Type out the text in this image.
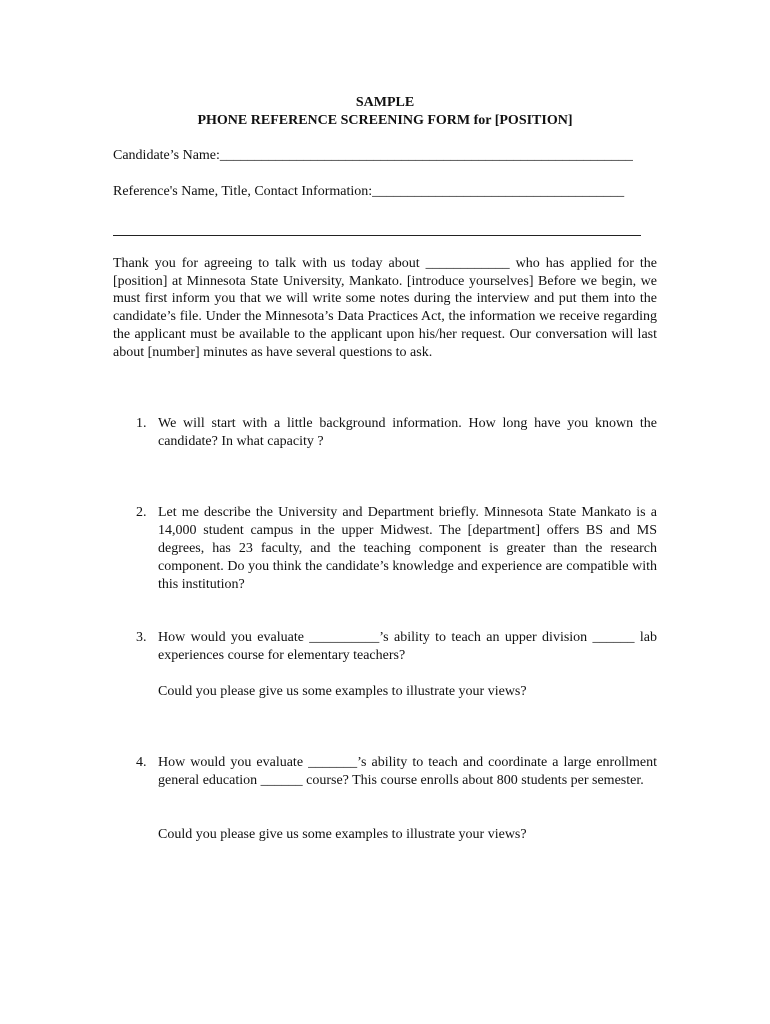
SAMPLE
PHONE REFERENCE SCREENING FORM for [POSITION]
Candidate’s Name:___________________________________________________________
Reference's Name, Title, Contact Information:____________________________________
Thank you for agreeing to talk with us today about ____________ who has applied for the [position] at Minnesota State University, Mankato. [introduce yourselves] Before we begin, we must first inform you that we will write some notes during the interview and put them into the candidate’s file. Under the Minnesota’s Data Practices Act, the information we receive regarding the applicant must be available to the applicant upon his/her request. Our conversation will last about [number] minutes as have several questions to ask.
1. We will start with a little background information. How long have you known the candidate? In what capacity ?
2. Let me describe the University and Department briefly. Minnesota State Mankato is a 14,000 student campus in the upper Midwest. The [department] offers BS and MS degrees, has 23 faculty, and the teaching component is greater than the research component. Do you think the candidate’s knowledge and experience are compatible with this institution?
3. How would you evaluate __________’s ability to teach an upper division ______ lab experiences course for elementary teachers?
Could you please give us some examples to illustrate your views?
4. How would you evaluate _______’s ability to teach and coordinate a large enrollment general education ______ course? This course enrolls about 800 students per semester.
Could you please give us some examples to illustrate your views?
